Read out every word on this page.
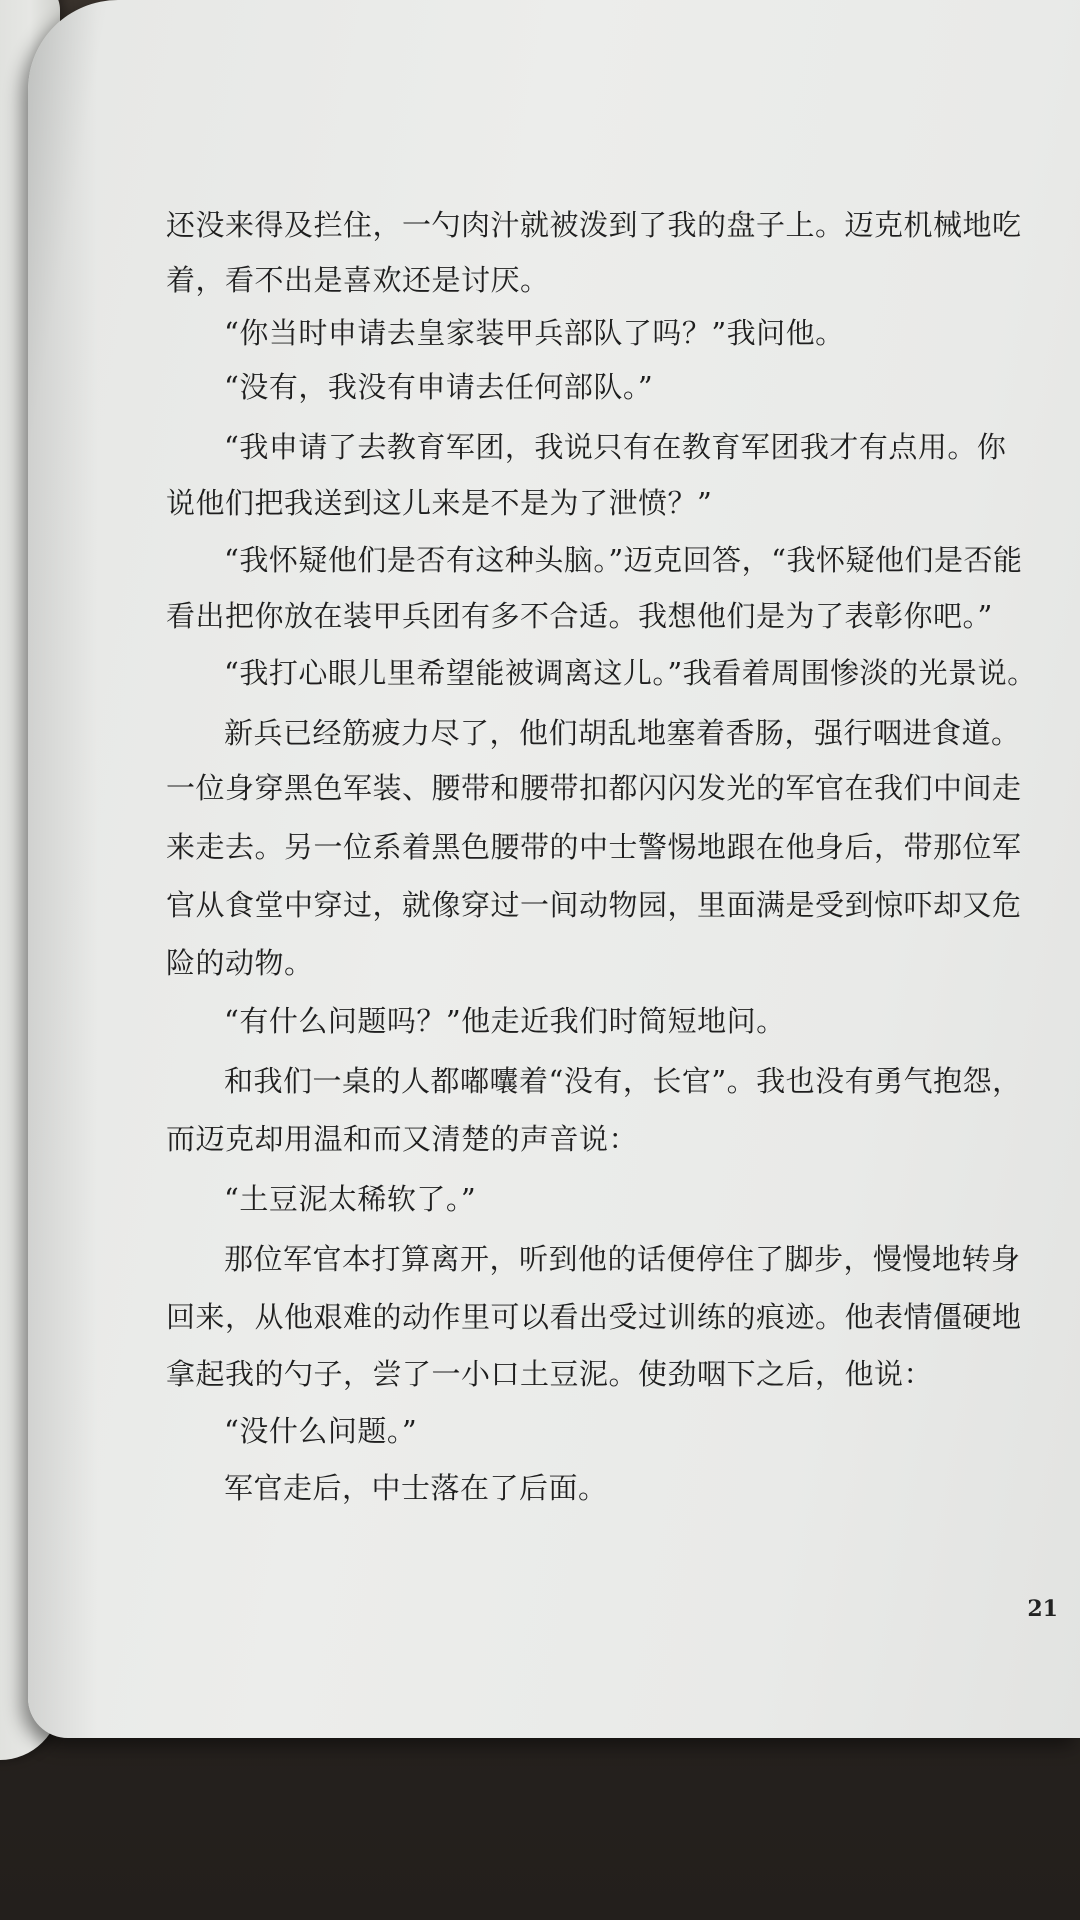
还没来得及拦住，一勺肉汁就被泼到了我的盘子上。迈克机械地吃
着，看不出是喜欢还是讨厌。
“你当时申请去皇家装甲兵部队了吗？”我问他。
“没有，我没有申请去任何部队。”
“我申请了去教育军团，我说只有在教育军团我才有点用。你
说他们把我送到这儿来是不是为了泄愤？”
“我怀疑他们是否有这种头脑。”迈克回答，“我怀疑他们是否能
看出把你放在装甲兵团有多不合适。我想他们是为了表彰你吧。”
“我打心眼儿里希望能被调离这儿。”我看着周围惨淡的光景说。
新兵已经筋疲力尽了，他们胡乱地塞着香肠，强行咽进食道。
一位身穿黑色军装、腰带和腰带扣都闪闪发光的军官在我们中间走
来走去。另一位系着黑色腰带的中士警惕地跟在他身后，带那位军
官从食堂中穿过，就像穿过一间动物园，里面满是受到惊吓却又危
险的动物。
“有什么问题吗？”他走近我们时简短地问。
和我们一桌的人都嘟囔着“没有，长官”。我也没有勇气抱怨，
而迈克却用温和而又清楚的声音说：
“土豆泥太稀软了。”
那位军官本打算离开，听到他的话便停住了脚步，慢慢地转身
回来，从他艰难的动作里可以看出受过训练的痕迹。他表情僵硬地
拿起我的勺子，尝了一小口土豆泥。使劲咽下之后，他说：
“没什么问题。”
军官走后，中士落在了后面。
21
